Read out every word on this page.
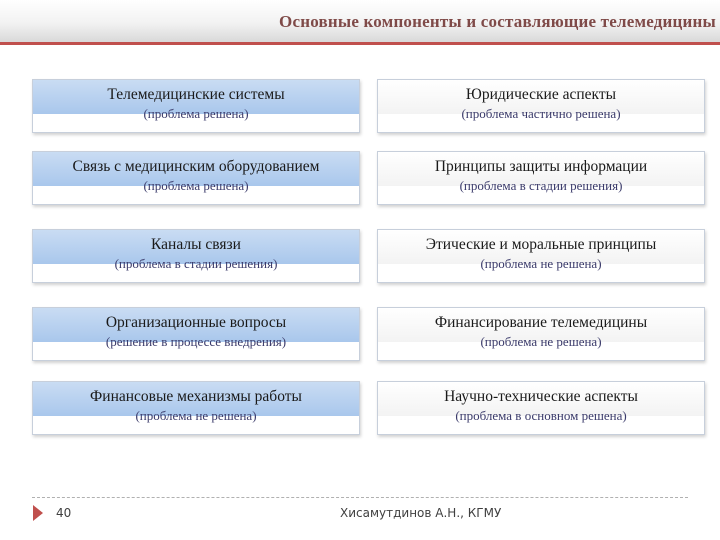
Основные компоненты и составляющие телемедицины
Телемедицинские системы
(проблема решена)
Юридические аспекты
(проблема частично решена)
Связь с медицинским оборудованием
(проблема решена)
Принципы защиты информации
(проблема в стадии решения)
Каналы связи
(проблема в стадии решения)
Этические и моральные принципы
(проблема не решена)
Организационные вопросы
(решение в процессе внедрения)
Финансирование телемедицины
(проблема не решена)
Финансовые механизмы работы
(проблема не решена)
Научно-технические аспекты
(проблема в основном решена)
40	Хисамутдинов А.Н., КГМУ
